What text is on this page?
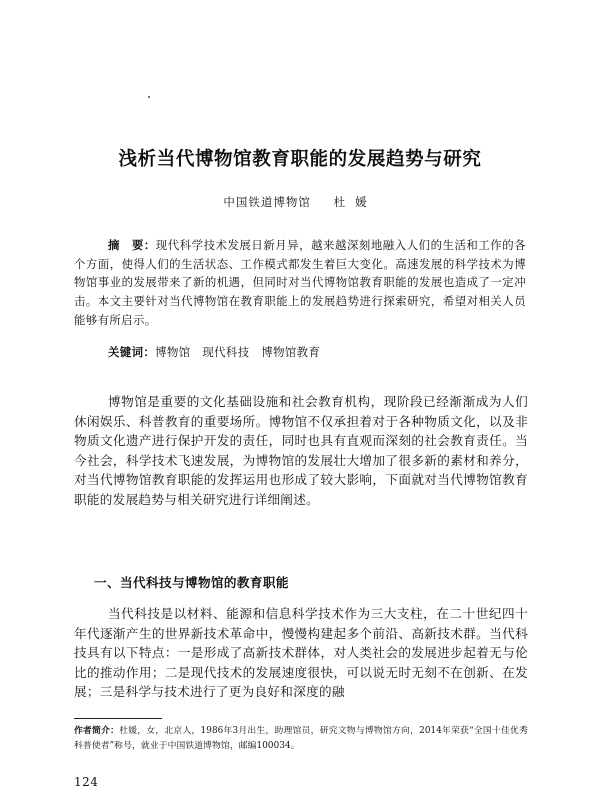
浅析当代博物馆教育职能的发展趋势与研究
中国铁道博物馆 杜媛

摘　要：现代科学技术发展日新月异，越来越深刻地融入人们的生活和工作的各个方面，使得人们的生活状态、工作模式都发生着巨大变化。高速发展的科学技术为博物馆事业的发展带来了新的机遇，但同时对当代博物馆教育职能的发展也造成了一定冲击。本文主要针对当代博物馆在教育职能上的发展趋势进行探索研究，希望对相关人员能够有所启示。

关键词：博物馆　现代科技　博物馆教育

博物馆是重要的文化基础设施和社会教育机构，现阶段已经渐渐成为人们休闲娱乐、科普教育的重要场所。博物馆不仅承担着对于各种物质文化，以及非物质文化遗产进行保护开发的责任，同时也具有直观而深刻的社会教育责任。当今社会，科学技术飞速发展，为博物馆的发展壮大增加了很多新的素材和养分，对当代博物馆教育职能的发挥运用也形成了较大影响，下面就对当代博物馆教育职能的发展趋势与相关研究进行详细阐述。

一、当代科技与博物馆的教育职能

当代科技是以材料、能源和信息科学技术作为三大支柱，在二十世纪四十年代逐渐产生的世界新技术革命中，慢慢构建起多个前沿、高新技术群。当代科技具有以下特点：一是形成了高新技术群体，对人类社会的发展进步起着无与伦比的推动作用；二是现代技术的发展速度很快，可以说无时无刻不在创新、在发展；三是科学与技术进行了更为良好和深度的融

作者简介：杜媛，女，北京人，1986年3月出生，助理馆员，研究文物与博物馆方向，2014年荣获“全国十佳优秀科普使者”称号，就业于中国铁道博物馆，邮编100034。

124
